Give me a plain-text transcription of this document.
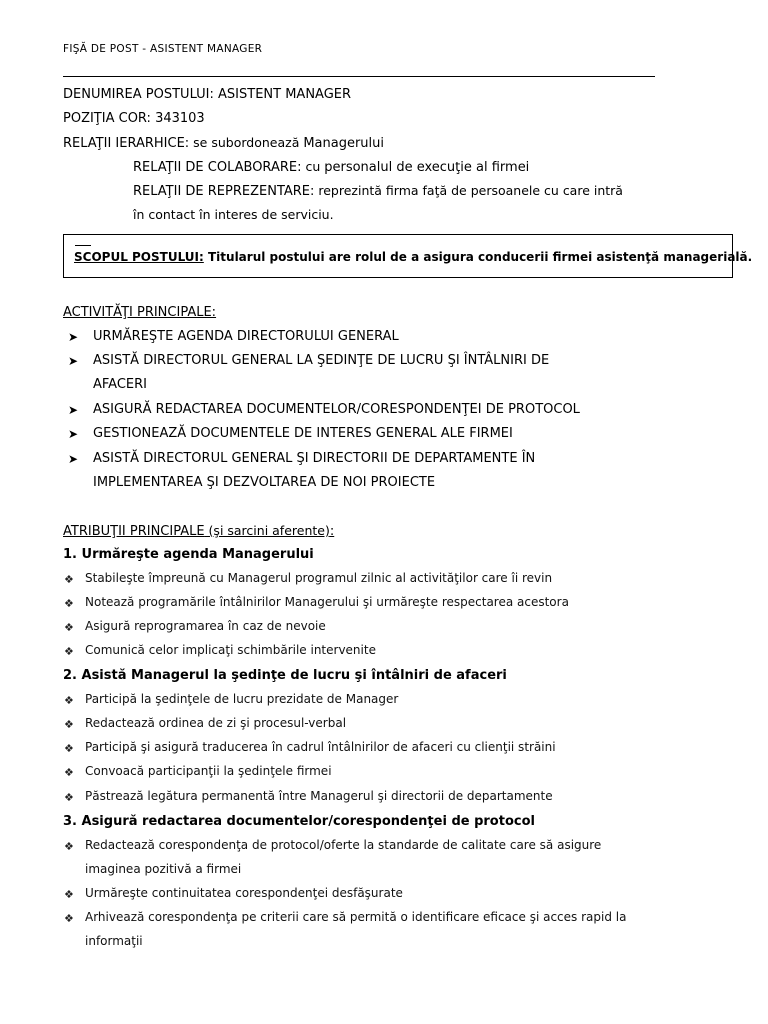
FIŞĂ DE POST - ASISTENT MANAGER
DENUMIREA POSTULUI: ASISTENT MANAGER
POZIŢIA COR: 343103
RELAŢII IERARHICE: se subordonează Managerului
RELAŢII DE COLABORARE: cu personalul de execuţie al firmei
RELAŢII DE REPREZENTARE: reprezintă firma faţă de persoanele cu care intră
în contact în interes de serviciu.
SCOPUL POSTULUI: Titularul postului are rolul de a asigura conducerii firmei asistenţă managerială.
ACTIVITĂŢI PRINCIPALE:
➤ URMĂREŞTE AGENDA DIRECTORULUI GENERAL
➤ ASISTĂ DIRECTORUL GENERAL LA ŞEDINŢE DE LUCRU ŞI ÎNTÂLNIRI DE
AFACERI
➤ ASIGURĂ REDACTAREA DOCUMENTELOR/CORESPONDENŢEI DE PROTOCOL
➤ GESTIONEAZĂ DOCUMENTELE DE INTERES GENERAL ALE FIRMEI
➤ ASISTĂ DIRECTORUL GENERAL ŞI DIRECTORII DE DEPARTAMENTE ÎN
IMPLEMENTAREA ŞI DEZVOLTAREA DE NOI PROIECTE
ATRIBUŢII PRINCIPALE (şi sarcini aferente):
1. Urmăreşte agenda Managerului
❖ Stabileşte împreună cu Managerul programul zilnic al activităţilor care îi revin
❖ Notează programările întâlnirilor Managerului şi urmăreşte respectarea acestora
❖ Asigură reprogramarea în caz de nevoie
❖ Comunică celor implicaţi schimbările intervenite
2. Asistă Managerul la şedinţe de lucru şi întâlniri de afaceri
❖ Participă la şedinţele de lucru prezidate de Manager
❖ Redactează ordinea de zi şi procesul-verbal
❖ Participă şi asigură traducerea în cadrul întâlnirilor de afaceri cu clienţii străini
❖ Convoacă participanţii la şedinţele firmei
❖ Păstrează legătura permanentă între Managerul şi directorii de departamente
3. Asigură redactarea documentelor/corespondenţei de protocol
❖ Redactează corespondenţa de protocol/oferte la standarde de calitate care să asigure
imaginea pozitivă a firmei
❖ Urmăreşte continuitatea corespondenţei desfăşurate
❖ Arhivează corespondenţa pe criterii care să permită o identificare eficace şi acces rapid la
informaţii
